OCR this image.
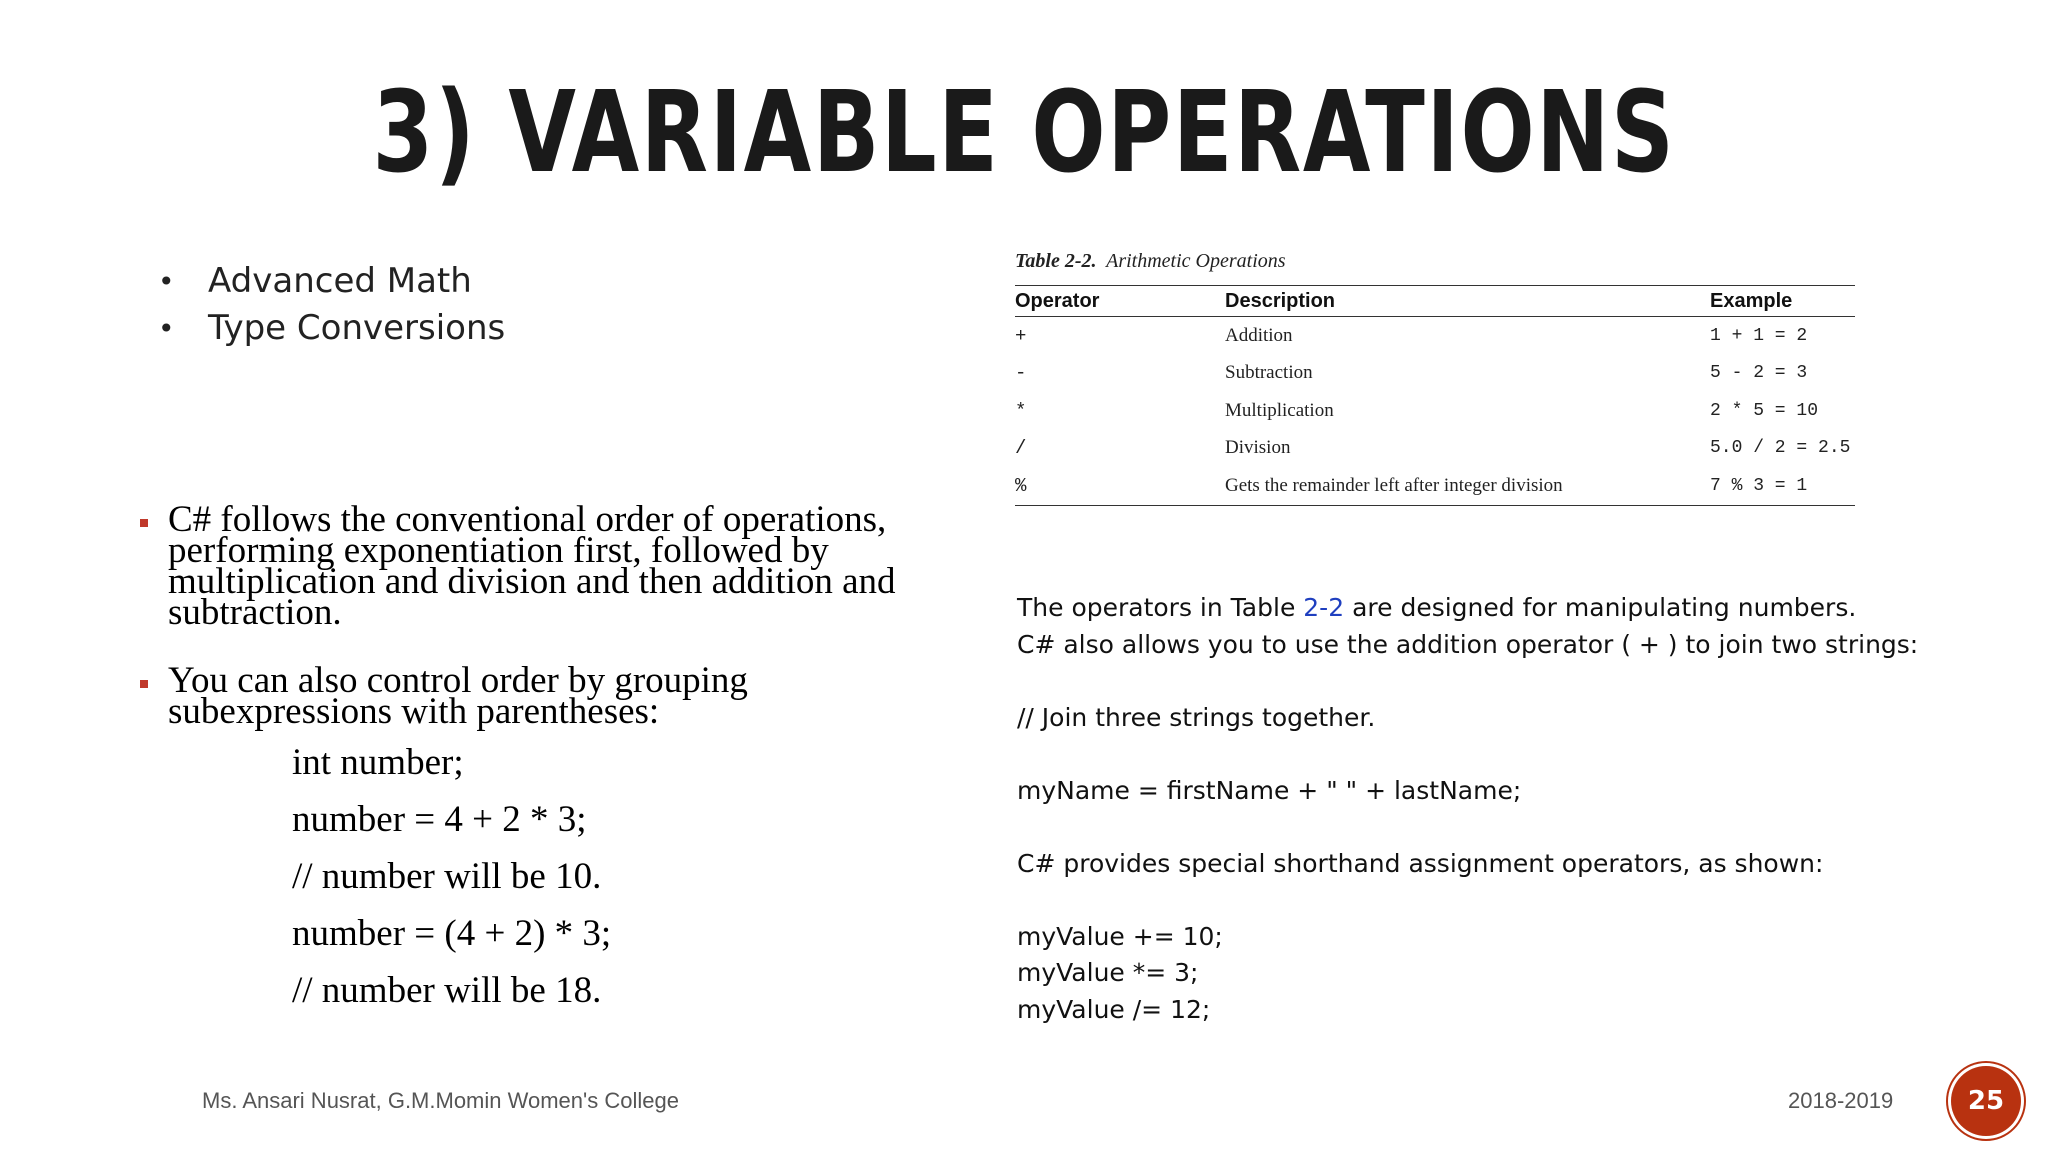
3) VARIABLE OPERATIONS
• Advanced Math
• Type Conversions
C# follows the conventional order of operations, performing exponentiation first, followed by multiplication and division and then addition and subtraction.
You can also control order by grouping subexpressions with parentheses:
int number;
number = 4 + 2 * 3;
// number will be 10.
number = (4 + 2) * 3;
// number will be 18.
Table 2-2. Arithmetic Operations
Operator	Description	Example
+	Addition	1 + 1 = 2
-	Subtraction	5 - 2 = 3
*	Multiplication	2 * 5 = 10
/	Division	5.0 / 2 = 2.5
%	Gets the remainder left after integer division	7 % 3 = 1
The operators in Table 2-2 are designed for manipulating numbers.
C# also allows you to use the addition operator ( + ) to join two strings:
// Join three strings together.
myName = firstName + " " + lastName;
C# provides special shorthand assignment operators, as shown:
myValue += 10;
myValue *= 3;
myValue /= 12;
Ms. Ansari Nusrat, G.M.Momin Women's College	2018-2019	25
